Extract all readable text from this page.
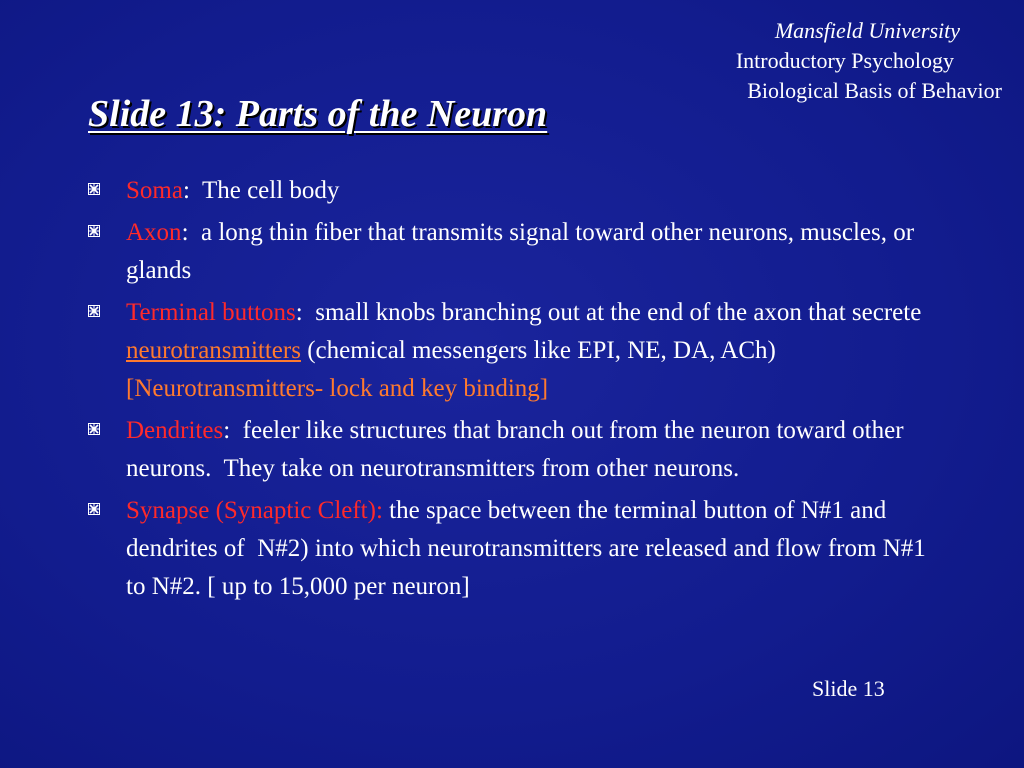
Mansfield University
Introductory Psychology
Biological Basis of Behavior
Slide 13: Parts of the Neuron
Soma:  The cell body
Axon:  a long thin fiber that transmits signal toward other neurons, muscles, or glands
Terminal buttons:  small knobs branching out at the end of the axon that secrete neurotransmitters (chemical messengers like EPI, NE, DA, ACh) [Neurotransmitters- lock and key binding]
Dendrites:  feeler like structures that branch out from the neuron toward other neurons.  They take on neurotransmitters from other neurons.
Synapse (Synaptic Cleft): the space between the terminal button of N#1 and dendrites of  N#2) into which neurotransmitters are released and flow from N#1 to N#2. [ up to 15,000 per neuron]
Slide 13
